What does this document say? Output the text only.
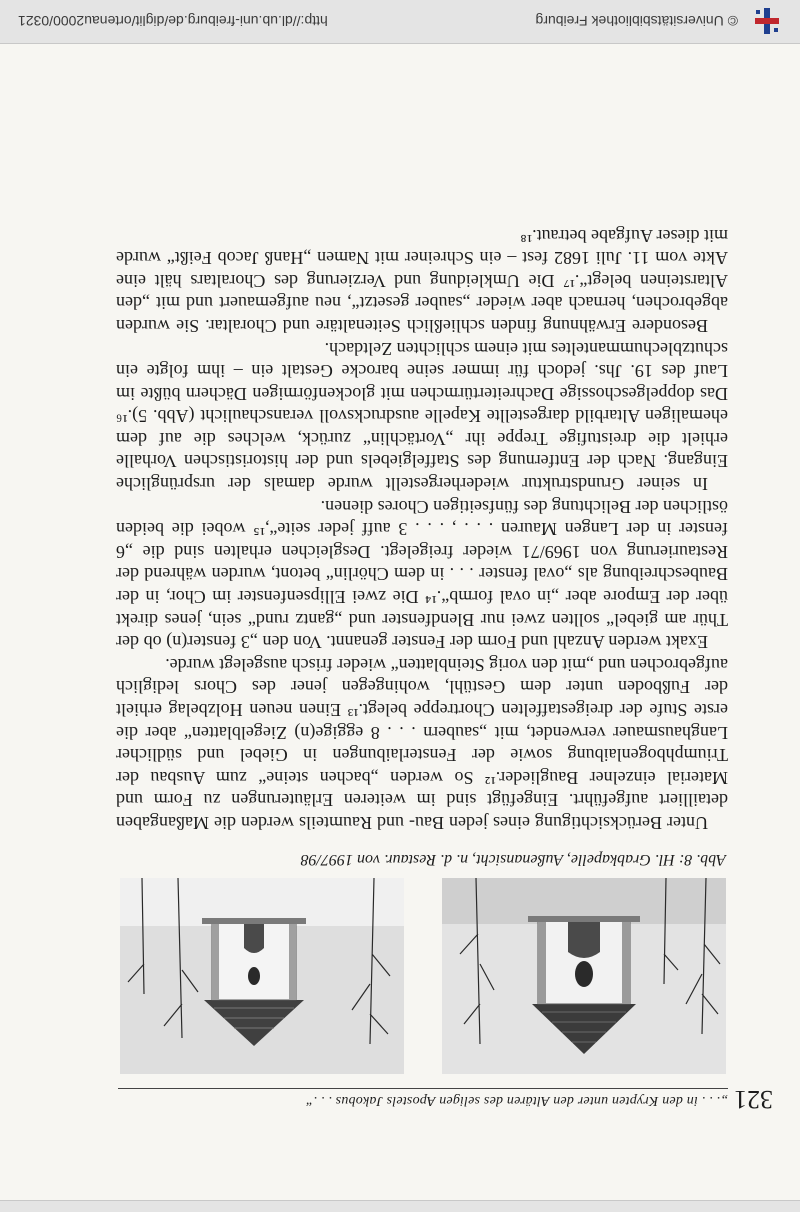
© Universitätsbibliothek Freiburg
http://dl.ub.uni-freiburg.de/diglit/ortenau2000/0321
321
„. . . in den Krypten unter den Altären des seligen Apostels Jakobus . . .“
Abb. 8: Hl. Grabkapelle, Außenansicht, n. d. Restaur. von 1997/98

Unter Berücksichtigung eines jeden Bau- und Raumteils werden die Maßangaben detailliert aufgeführt. Eingefügt sind im weiteren Erläuterungen zu Form und Material einzelner Bauglieder.¹² So werden „bachen steine“ zum Ausbau der Triumphbogenlaibung sowie der Fensterlaibungen in Giebel und südlicher Langhausmauer verwendet, mit „saubern . . . 8 eggige(n) Ziegelblatten“ aber die erste Stufe der dreigestaffelten Chortreppe belegt.¹³ Einen neuen Holzbelag erhielt der Fußboden unter dem Gestühl, wohingegen jener des Chors lediglich aufgebrochen und „mit den vorig Steinblatten“ wieder frisch ausgelegt wurde.

Exakt werden Anzahl und Form der Fenster genannt. Von den „3 fenster(n) ob der Thür am giebel“ sollten zwei nur Blendfenster und „gantz rund“ sein, jenes direkt über der Empore aber „in oval formb“.¹⁴ Die zwei Ellipsenfenster im Chor, in der Baubeschreibung als „oval fenster . . . in dem Chörlin“ betont, wurden während der Restaurierung von 1969/71 wieder freigelegt. Desgleichen erhalten sind die „6 fenster in der Langen Mauren . . . , . . . 3 auff jeder seite“,¹⁵ wobei die beiden östlichen der Belichtung des fünfseitigen Chores dienen.

In seiner Grundstruktur wiederhergestellt wurde damals der ursprüngliche Eingang. Nach der Entfernung des Staffelgiebels und der historistischen Vorhalle erhielt die dreistufige Treppe ihr „Vortächlin“ zurück, welches die auf dem ehemaligen Altarbild dargestellte Kapelle ausdrucksvoll veranschaulicht (Abb. 5).¹⁶ Das doppelgeschossige Dachreitertürmchen mit glockenförmigen Dächern büßte im Lauf des 19. Jhs. jedoch für immer seine barocke Gestalt ein – ihm folgte ein schutzblechummanteltes mit einem schlichten Zeltdach.

Besondere Erwähnung finden schließlich Seitenaltäre und Choraltar. Sie wurden abgebrochen, hernach aber wieder „sauber gesetzt“, neu aufgemauert und mit „den Altarsteinen belegt“.¹⁷ Die Umkleidung und Verzierung des Choraltars hält eine Akte vom 11. Juli 1682 fest – ein Schreiner mit Namen „Hanß Jacob Feißt“ wurde mit dieser Aufgabe betraut.¹⁸
